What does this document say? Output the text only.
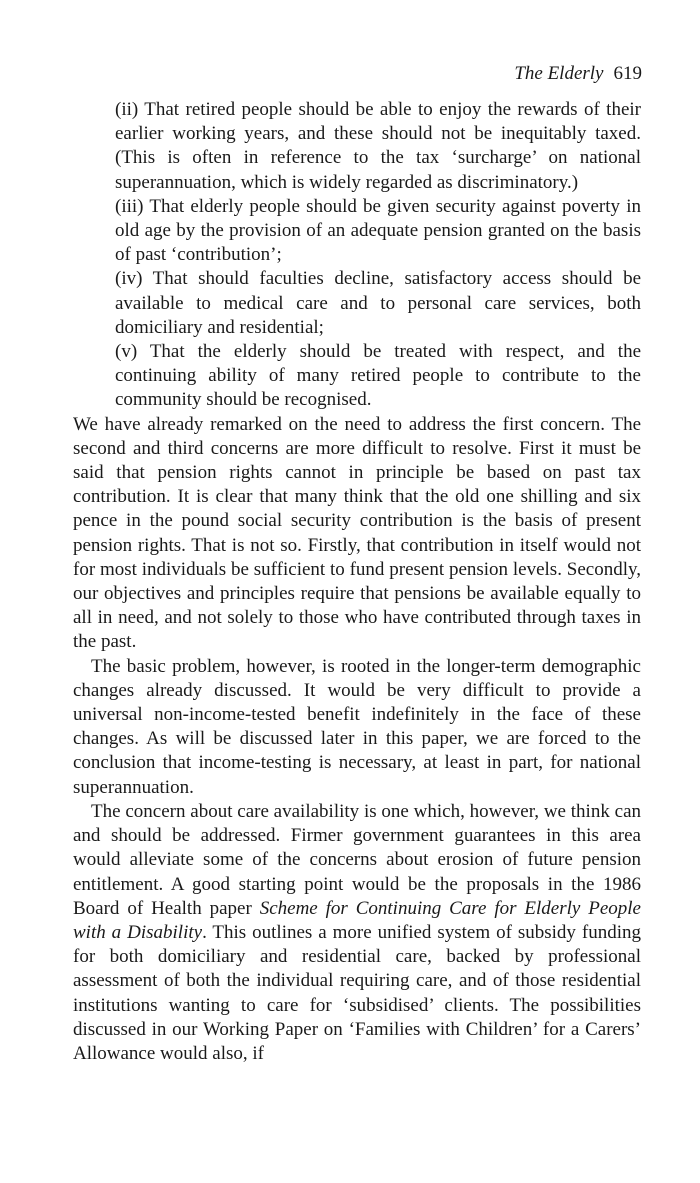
The Elderly 619

(ii) That retired people should be able to enjoy the rewards of their earlier working years, and these should not be inequitably taxed. (This is often in reference to the tax ‘surcharge’ on national superannuation, which is widely regarded as discriminatory.)

(iii) That elderly people should be given security against poverty in old age by the provision of an adequate pension granted on the basis of past ‘contribution’;

(iv) That should faculties decline, satisfactory access should be available to medical care and to personal care services, both domiciliary and residential;

(v) That the elderly should be treated with respect, and the continuing ability of many retired people to contribute to the community should be recognised.

We have already remarked on the need to address the first concern. The second and third concerns are more difficult to resolve. First it must be said that pension rights cannot in principle be based on past tax contribution. It is clear that many think that the old one shilling and six pence in the pound social security contribution is the basis of present pension rights. That is not so. Firstly, that contribution in itself would not for most individuals be sufficient to fund present pension levels. Secondly, our objectives and principles require that pensions be available equally to all in need, and not solely to those who have contributed through taxes in the past.

The basic problem, however, is rooted in the longer-term demographic changes already discussed. It would be very difficult to provide a universal non-income-tested benefit indefinitely in the face of these changes. As will be discussed later in this paper, we are forced to the conclusion that income-testing is necessary, at least in part, for national superannuation.

The concern about care availability is one which, however, we think can and should be addressed. Firmer government guarantees in this area would alleviate some of the concerns about erosion of future pension entitlement. A good starting point would be the proposals in the 1986 Board of Health paper Scheme for Continuing Care for Elderly People with a Disability. This outlines a more unified system of subsidy funding for both domiciliary and residential care, backed by professional assessment of both the individual requiring care, and of those residential institutions wanting to care for ‘subsidised’ clients. The possibilities discussed in our Working Paper on ‘Families with Children’ for a Carers’ Allowance would also, if
